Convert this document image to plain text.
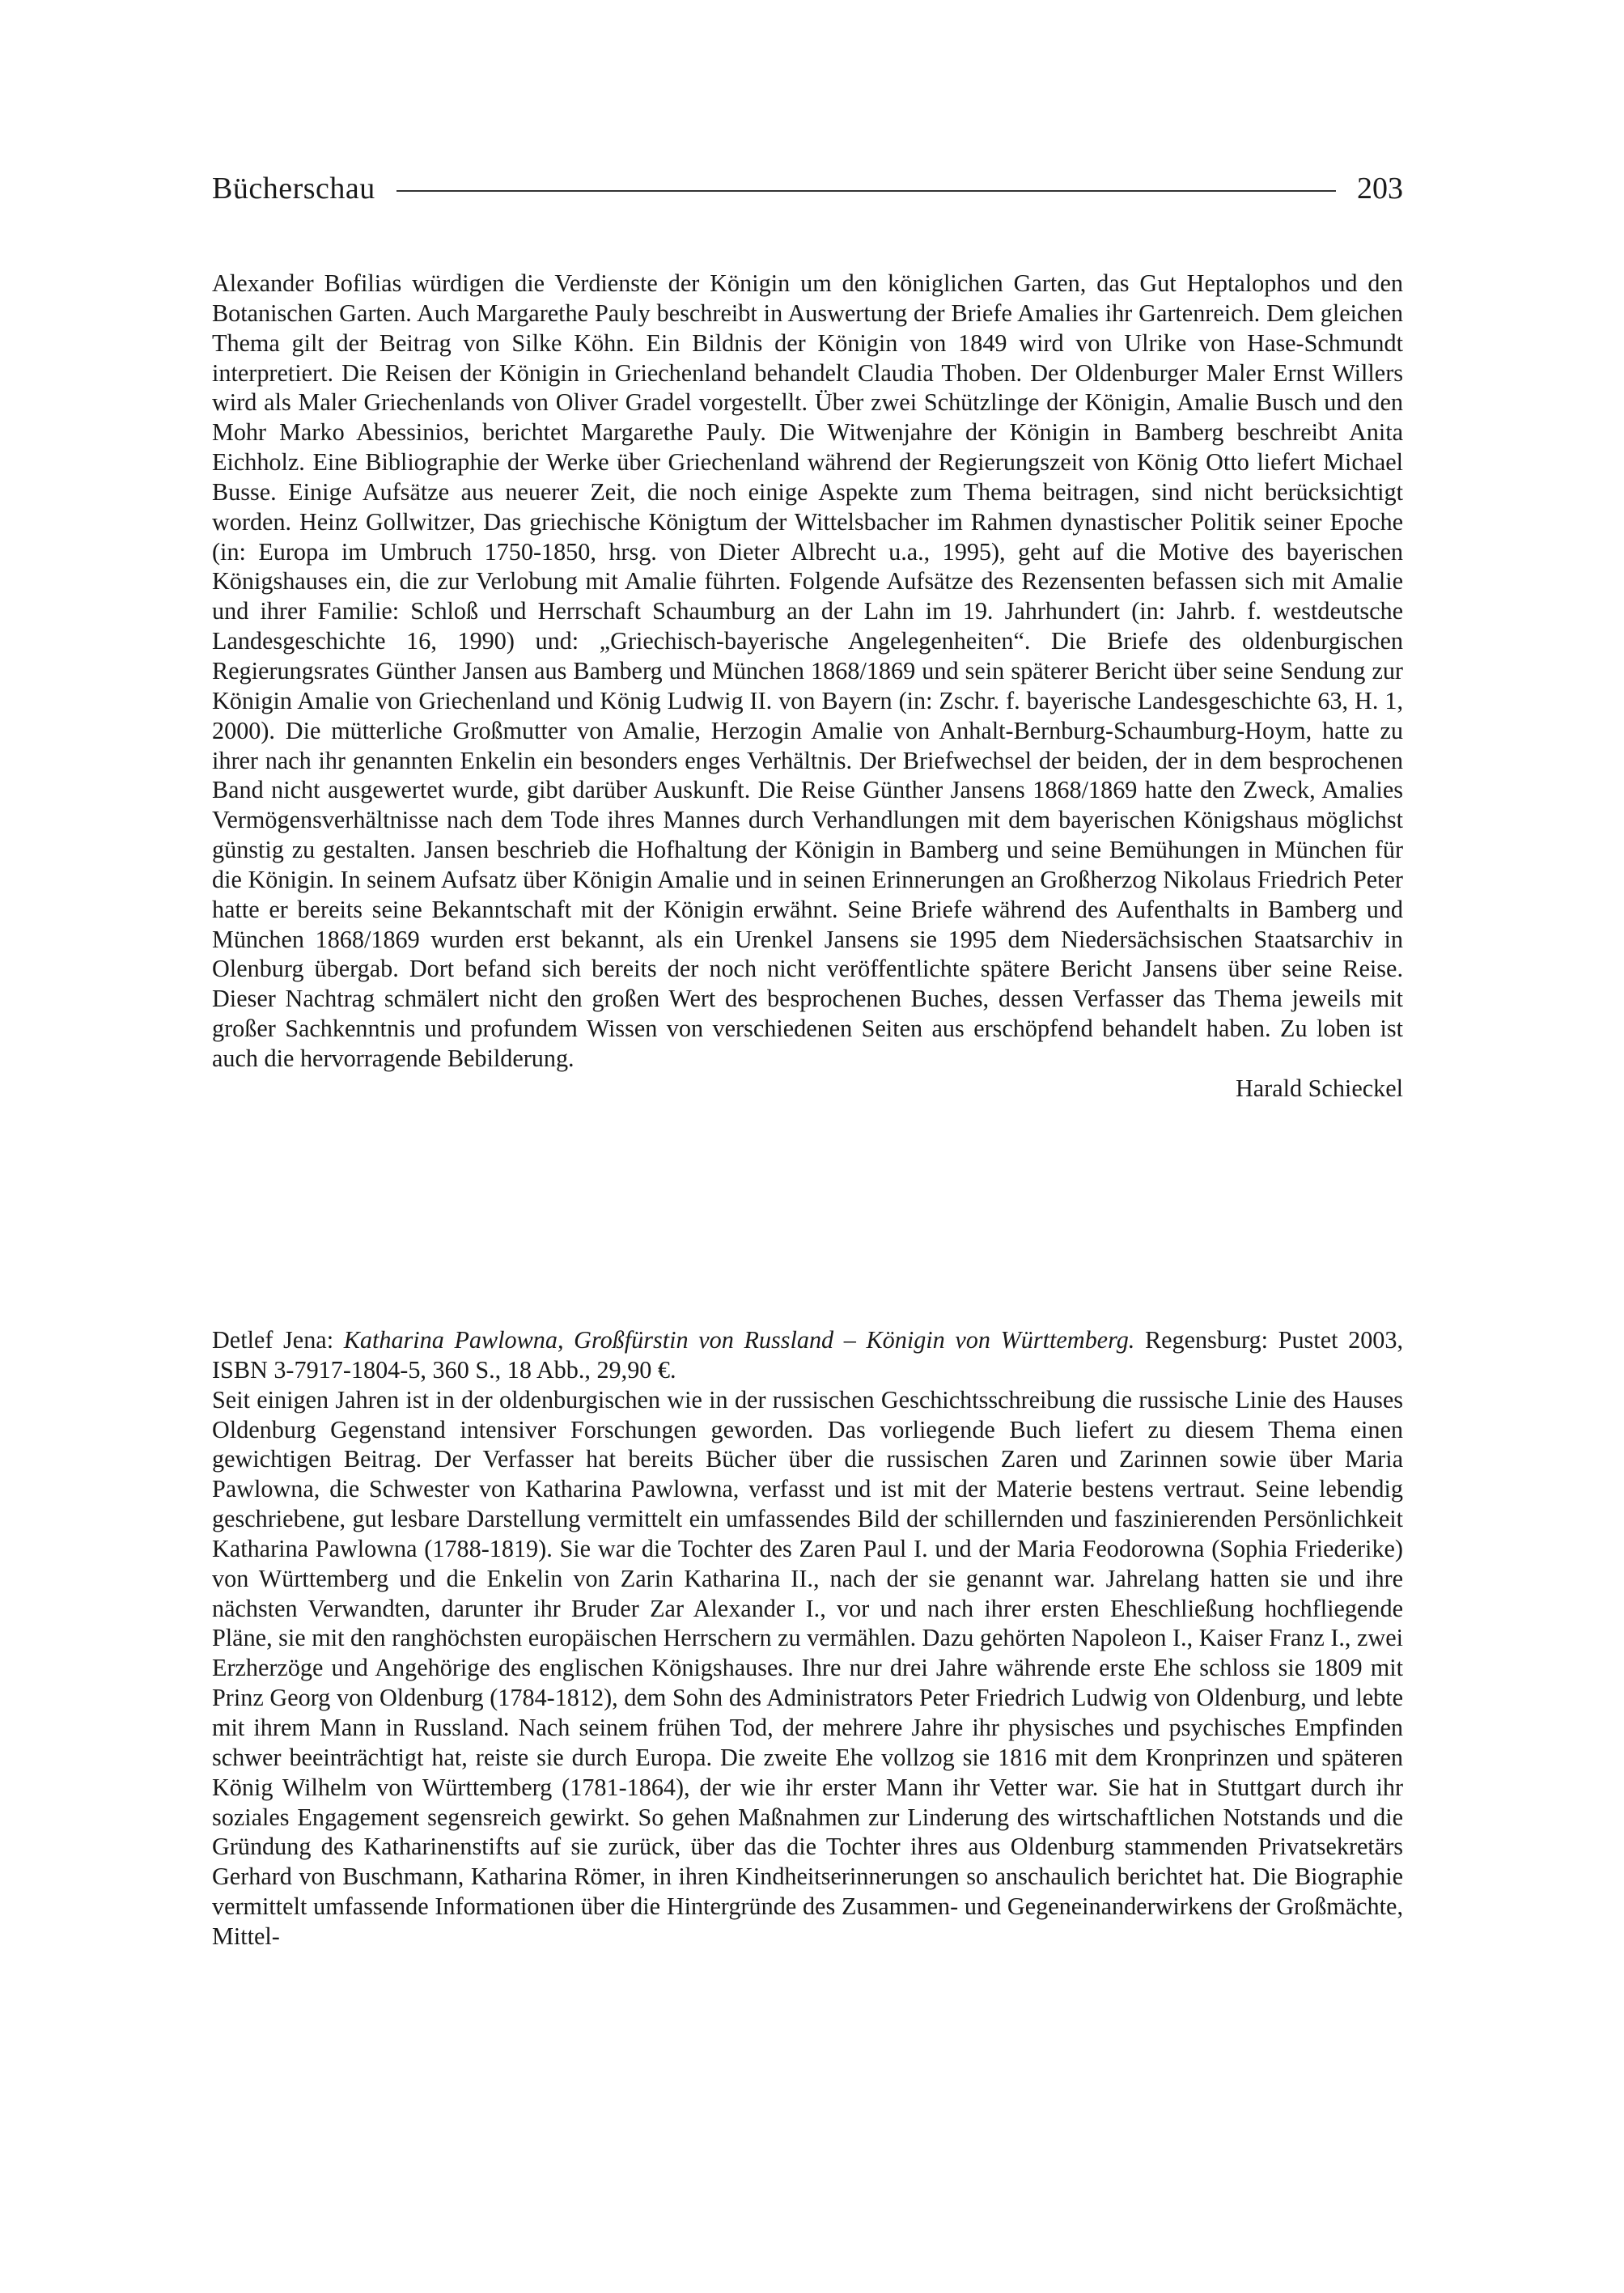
Bücherschau	203

Alexander Bofilias würdigen die Verdienste der Königin um den königlichen Garten, das Gut Heptalophos und den Botanischen Garten. Auch Margarethe Pauly beschreibt in Auswertung der Briefe Amalies ihr Gartenreich. Dem gleichen Thema gilt der Beitrag von Silke Köhn. Ein Bildnis der Königin von 1849 wird von Ulrike von Hase-Schmundt interpretiert. Die Reisen der Königin in Griechenland behandelt Claudia Thoben. Der Oldenburger Maler Ernst Willers wird als Maler Griechenlands von Oliver Gradel vorgestellt. Über zwei Schützlinge der Königin, Amalie Busch und den Mohr Marko Abessinios, berichtet Margarethe Pauly. Die Witwenjahre der Königin in Bamberg beschreibt Anita Eichholz. Eine Bibliographie der Werke über Griechenland während der Regierungszeit von König Otto liefert Michael Busse. Einige Aufsätze aus neuerer Zeit, die noch einige Aspekte zum Thema beitragen, sind nicht berücksichtigt worden. Heinz Gollwitzer, Das griechische Königtum der Wittelsbacher im Rahmen dynastischer Politik seiner Epoche (in: Europa im Umbruch 1750-1850, hrsg. von Dieter Albrecht u.a., 1995), geht auf die Motive des bayerischen Königshauses ein, die zur Verlobung mit Amalie führten. Folgende Aufsätze des Rezensenten befassen sich mit Amalie und ihrer Familie: Schloß und Herrschaft Schaumburg an der Lahn im 19. Jahrhundert (in: Jahrb. f. westdeutsche Landesgeschichte 16, 1990) und: „Griechisch-bayerische Angelegenheiten“. Die Briefe des oldenburgischen Regierungsrates Günther Jansen aus Bamberg und München 1868/1869 und sein späterer Bericht über seine Sendung zur Königin Amalie von Griechenland und König Ludwig II. von Bayern (in: Zschr. f. bayerische Landesgeschichte 63, H. 1, 2000). Die mütterliche Großmutter von Amalie, Herzogin Amalie von Anhalt-Bernburg-Schaumburg-Hoym, hatte zu ihrer nach ihr genannten Enkelin ein besonders enges Verhältnis. Der Briefwechsel der beiden, der in dem besprochenen Band nicht ausgewertet wurde, gibt darüber Auskunft. Die Reise Günther Jansens 1868/1869 hatte den Zweck, Amalies Vermögensverhältnisse nach dem Tode ihres Mannes durch Verhandlungen mit dem bayerischen Königshaus möglichst günstig zu gestalten. Jansen beschrieb die Hofhaltung der Königin in Bamberg und seine Bemühungen in München für die Königin. In seinem Aufsatz über Königin Amalie und in seinen Erinnerungen an Großherzog Nikolaus Friedrich Peter hatte er bereits seine Bekanntschaft mit der Königin erwähnt. Seine Briefe während des Aufenthalts in Bamberg und München 1868/1869 wurden erst bekannt, als ein Urenkel Jansens sie 1995 dem Niedersächsischen Staatsarchiv in Olenburg übergab. Dort befand sich bereits der noch nicht veröffentlichte spätere Bericht Jansens über seine Reise. Dieser Nachtrag schmälert nicht den großen Wert des besprochenen Buches, dessen Verfasser das Thema jeweils mit großer Sachkenntnis und profundem Wissen von verschiedenen Seiten aus erschöpfend behandelt haben. Zu loben ist auch die hervorragende Bebilderung.

Harald Schieckel

Detlef Jena: Katharina Pawlowna, Großfürstin von Russland – Königin von Württemberg. Regensburg: Pustet 2003, ISBN 3-7917-1804-5, 360 S., 18 Abb., 29,90 €.

Seit einigen Jahren ist in der oldenburgischen wie in der russischen Geschichtsschreibung die russische Linie des Hauses Oldenburg Gegenstand intensiver Forschungen geworden. Das vorliegende Buch liefert zu diesem Thema einen gewichtigen Beitrag. Der Verfasser hat bereits Bücher über die russischen Zaren und Zarinnen sowie über Maria Pawlowna, die Schwester von Katharina Pawlowna, verfasst und ist mit der Materie bestens vertraut. Seine lebendig geschriebene, gut lesbare Darstellung vermittelt ein umfassendes Bild der schillernden und faszinierenden Persönlichkeit Katharina Pawlowna (1788-1819). Sie war die Tochter des Zaren Paul I. und der Maria Feodorowna (Sophia Friederike) von Württemberg und die Enkelin von Zarin Katharina II., nach der sie genannt war. Jahrelang hatten sie und ihre nächsten Verwandten, darunter ihr Bruder Zar Alexander I., vor und nach ihrer ersten Eheschließung hochfliegende Pläne, sie mit den ranghöchsten europäischen Herrschern zu vermählen. Dazu gehörten Napoleon I., Kaiser Franz I., zwei Erzherzöge und Angehörige des englischen Königshauses. Ihre nur drei Jahre währende erste Ehe schloss sie 1809 mit Prinz Georg von Oldenburg (1784-1812), dem Sohn des Administrators Peter Friedrich Ludwig von Oldenburg, und lebte mit ihrem Mann in Russland. Nach seinem frühen Tod, der mehrere Jahre ihr physisches und psychisches Empfinden schwer beeinträchtigt hat, reiste sie durch Europa. Die zweite Ehe vollzog sie 1816 mit dem Kronprinzen und späteren König Wilhelm von Württemberg (1781-1864), der wie ihr erster Mann ihr Vetter war. Sie hat in Stuttgart durch ihr soziales Engagement segensreich gewirkt. So gehen Maßnahmen zur Linderung des wirtschaftlichen Notstands und die Gründung des Katharinenstifts auf sie zurück, über das die Tochter ihres aus Oldenburg stammenden Privatsekretärs Gerhard von Buschmann, Katharina Römer, in ihren Kindheitserinnerungen so anschaulich berichtet hat. Die Biographie vermittelt umfassende Informationen über die Hintergründe des Zusammen- und Gegeneinanderwirkens der Großmächte, Mittel-
